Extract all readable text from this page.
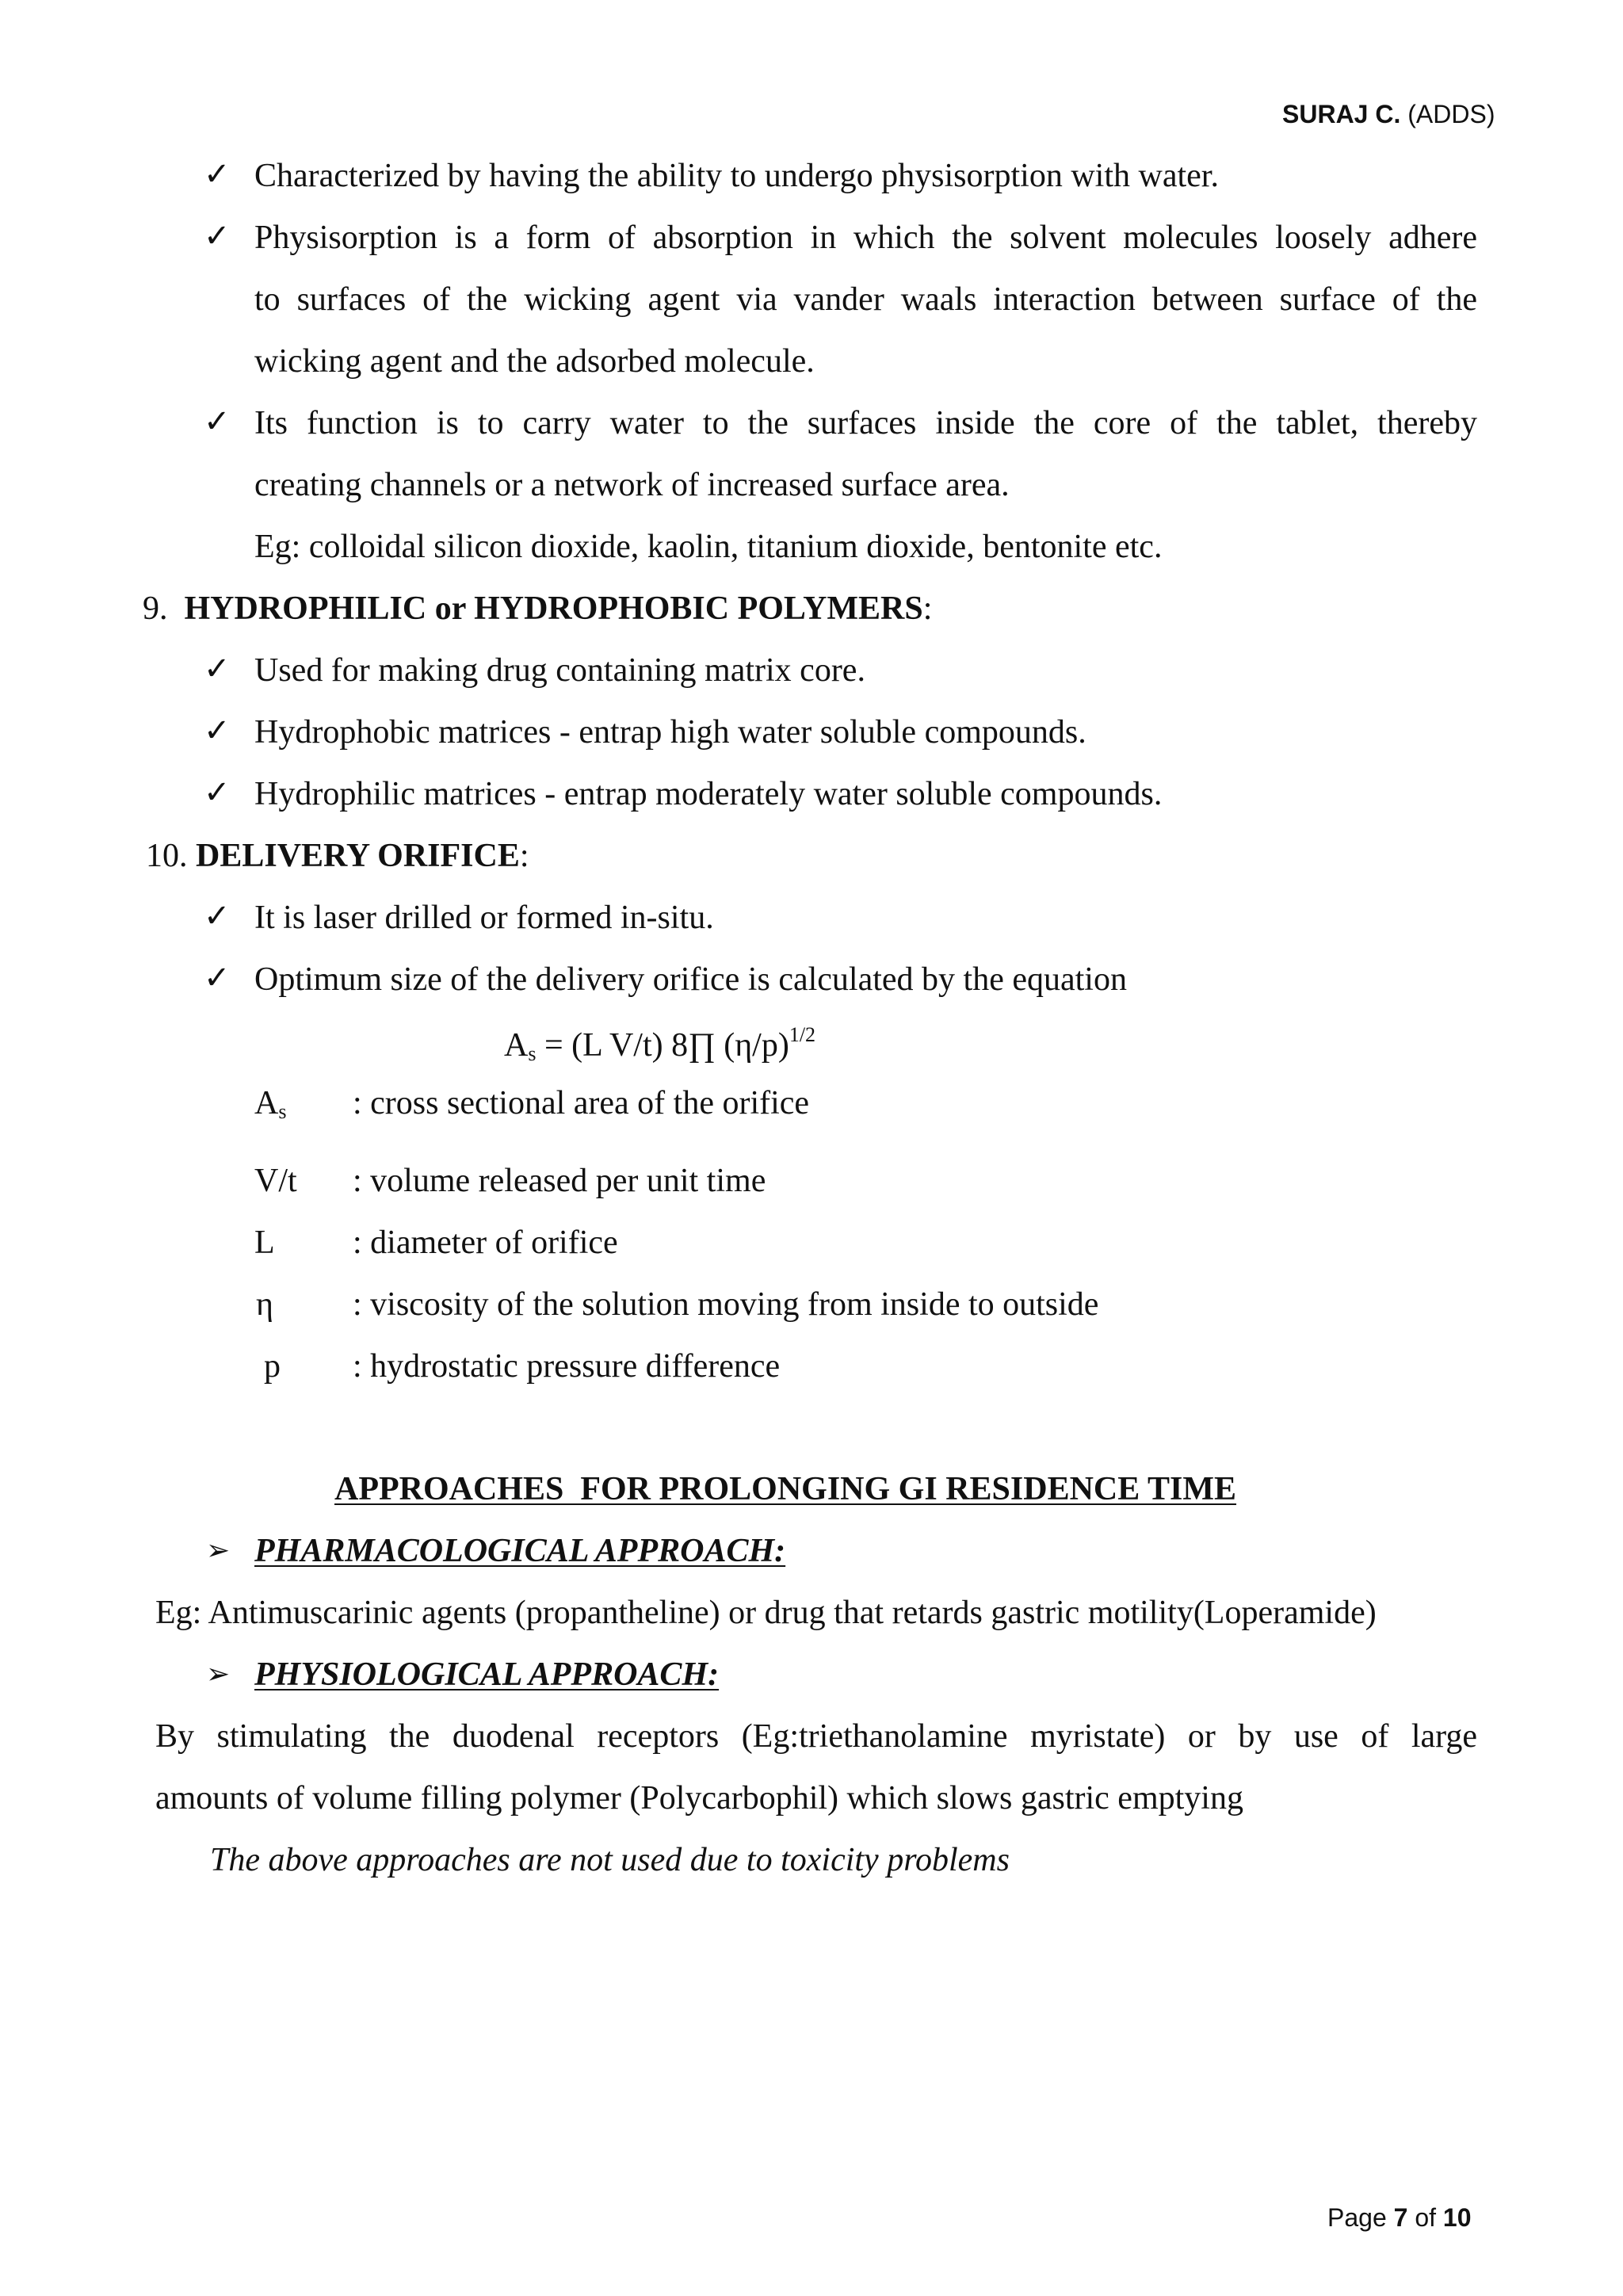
SURAJ C. (ADDS)
✓ Characterized by having the ability to undergo physisorption with water.
✓ Physisorption is a form of absorption in which the solvent molecules loosely adhere
to surfaces of the wicking agent via vander waals interaction between surface of the
wicking agent and the adsorbed molecule.
✓ Its function is to carry water to the surfaces inside the core of the tablet, thereby
creating channels or a network of increased surface area.
Eg: colloidal silicon dioxide, kaolin, titanium dioxide, bentonite etc.
9. HYDROPHILIC or HYDROPHOBIC POLYMERS:
✓ Used for making drug containing matrix core.
✓ Hydrophobic matrices - entrap high water soluble compounds.
✓ Hydrophilic matrices - entrap moderately water soluble compounds.
10. DELIVERY ORIFICE:
✓ It is laser drilled or formed in-situ.
✓ Optimum size of the delivery orifice is calculated by the equation
$A_s = (L$ V/t) 8∏ $(\eta/p)^{1/2}$
$A_s$ : cross sectional area of the orifice
V/t : volume released per unit time
L : diameter of orifice
η : viscosity of the solution moving from inside to outside
p : hydrostatic pressure difference
APPROACHES  FOR PROLONGING GI RESIDENCE TIME
➢ PHARMACOLOGICAL APPROACH:
Eg: Antimuscarinic agents (propantheline) or drug that retards gastric motility(Loperamide)
➢ PHYSIOLOGICAL APPROACH:
By stimulating the duodenal receptors (Eg:triethanolamine myristate) or by use of large
amounts of volume filling polymer (Polycarbophil) which slows gastric emptying
The above approaches are not used due to toxicity problems
Page 7 of 10
